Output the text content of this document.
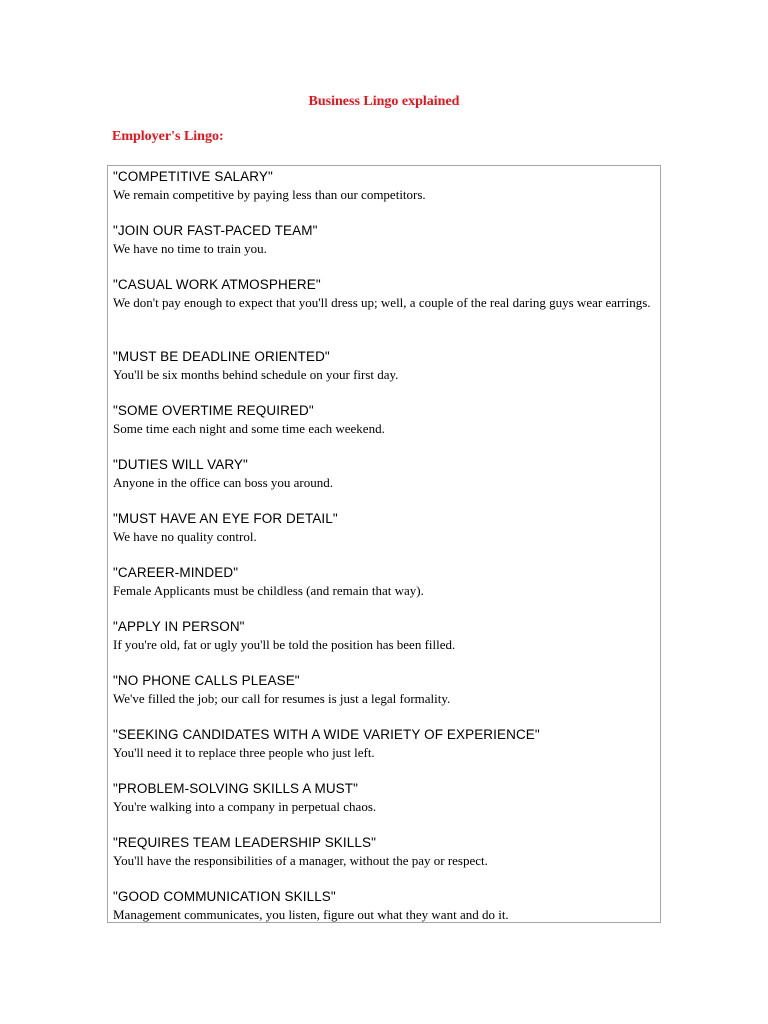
Business Lingo explained
Employer's Lingo:
"COMPETITIVE SALARY"
We remain competitive by paying less than our competitors.
"JOIN OUR FAST-PACED TEAM"
We have no time to train you.
"CASUAL WORK ATMOSPHERE"
We don't pay enough to expect that you'll dress up; well, a couple of the real daring guys wear earrings.
"MUST BE DEADLINE ORIENTED"
You'll be six months behind schedule on your first day.
"SOME OVERTIME REQUIRED"
Some time each night and some time each weekend.
"DUTIES WILL VARY"
Anyone in the office can boss you around.
"MUST HAVE AN EYE FOR DETAIL"
We have no quality control.
"CAREER-MINDED"
Female Applicants must be childless (and remain that way).
"APPLY IN PERSON"
If you're old, fat or ugly you'll be told the position has been filled.
"NO PHONE CALLS PLEASE"
We've filled the job; our call for resumes is just a legal formality.
"SEEKING CANDIDATES WITH A WIDE VARIETY OF EXPERIENCE"
You'll need it to replace three people who just left.
"PROBLEM-SOLVING SKILLS A MUST"
You're walking into a company in perpetual chaos.
"REQUIRES TEAM LEADERSHIP SKILLS"
You'll have the responsibilities of a manager, without the pay or respect.
"GOOD COMMUNICATION SKILLS"
Management communicates, you listen, figure out what they want and do it.
